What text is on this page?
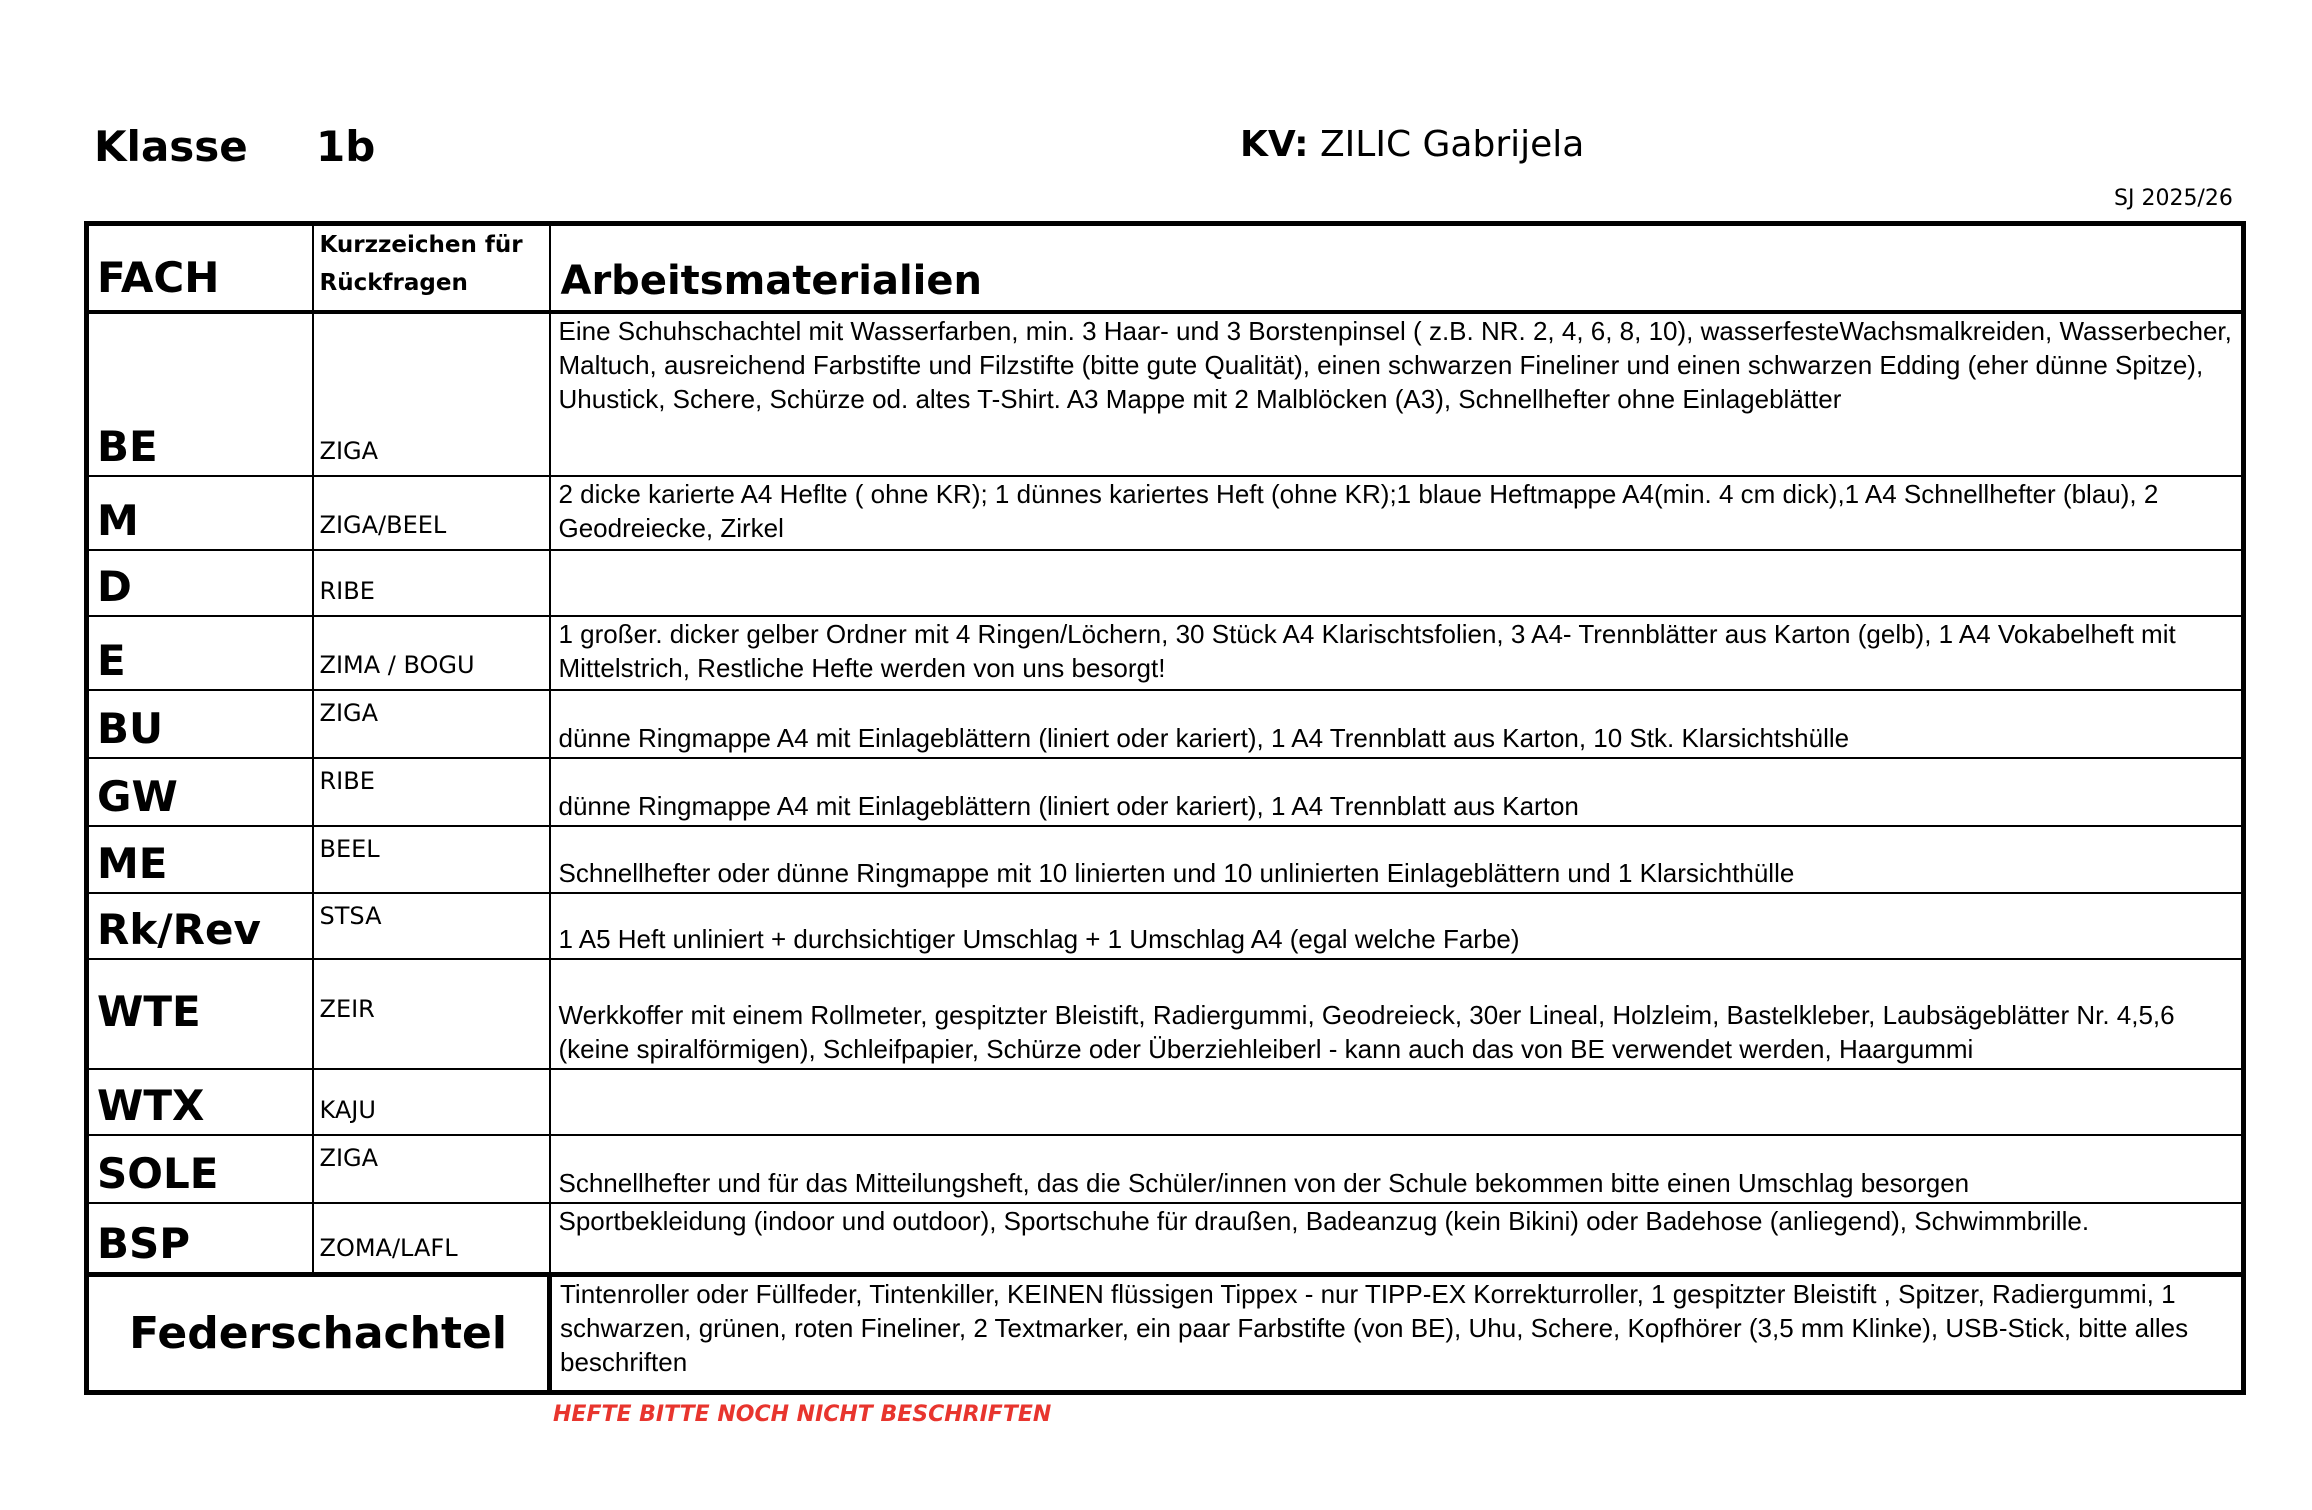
Klasse 1b	KV: ZILIC Gabrijela
SJ 2025/26
FACH	Kurzzeichen für Rückfragen	Arbeitsmaterialien
BE	ZIGA	Eine Schuhschachtel mit Wasserfarben, min. 3 Haar- und 3 Borstenpinsel ( z.B. NR. 2, 4, 6, 8, 10), wasserfesteWachsmalkreiden, Wasserbecher, Maltuch, ausreichend Farbstifte und Filzstifte (bitte gute Qualität), einen schwarzen Fineliner und einen schwarzen Edding (eher dünne Spitze), Uhustick, Schere, Schürze od. altes T-Shirt. A3 Mappe mit 2 Malblöcken (A3), Schnellhefter ohne Einlageblätter
M	ZIGA/BEEL	2 dicke karierte A4 Heflte ( ohne KR); 1 dünnes kariertes Heft (ohne KR);1 blaue Heftmappe A4(min. 4 cm dick),1 A4 Schnellhefter (blau), 2 Geodreiecke, Zirkel
D	RIBE	
E	ZIMA / BOGU	1 großer. dicker gelber Ordner mit 4 Ringen/Löchern, 30 Stück A4 Klarischtsfolien, 3 A4- Trennblätter aus Karton (gelb), 1 A4 Vokabelheft mit Mittelstrich, Restliche Hefte werden von uns besorgt!
BU	ZIGA	dünne Ringmappe A4 mit Einlageblättern (liniert oder kariert), 1 A4 Trennblatt aus Karton, 10 Stk. Klarsichtshülle
GW	RIBE	dünne Ringmappe A4 mit Einlageblättern (liniert oder kariert), 1 A4 Trennblatt aus Karton
ME	BEEL	Schnellhefter oder dünne Ringmappe mit 10 linierten und 10 unlinierten Einlageblättern und 1 Klarsichthülle
Rk/Rev	STSA	1 A5 Heft unliniert + durchsichtiger Umschlag + 1 Umschlag A4 (egal welche Farbe)
WTE	ZEIR	Werkkoffer mit einem Rollmeter, gespitzter Bleistift, Radiergummi, Geodreieck, 30er Lineal, Holzleim, Bastelkleber, Laubsägeblätter Nr. 4,5,6 (keine spiralförmigen), Schleifpapier, Schürze oder Überziehleiberl - kann auch das von BE verwendet werden, Haargummi
WTX	KAJU	
SOLE	ZIGA	Schnellhefter und für das Mitteilungsheft, das die Schüler/innen von der Schule bekommen bitte einen Umschlag besorgen
BSP	ZOMA/LAFL	Sportbekleidung (indoor und outdoor), Sportschuhe für draußen, Badeanzug (kein Bikini) oder Badehose (anliegend), Schwimmbrille.
Federschachtel		Tintenroller oder Füllfeder, Tintenkiller, KEINEN flüssigen Tippex - nur TIPP-EX Korrekturroller, 1 gespitzter Bleistift , Spitzer, Radiergummi, 1 schwarzen, grünen, roten Fineliner, 2 Textmarker, ein paar Farbstifte (von BE), Uhu, Schere, Kopfhörer (3,5 mm Klinke), USB-Stick, bitte alles beschriften
HEFTE BITTE NOCH NICHT BESCHRIFTEN
